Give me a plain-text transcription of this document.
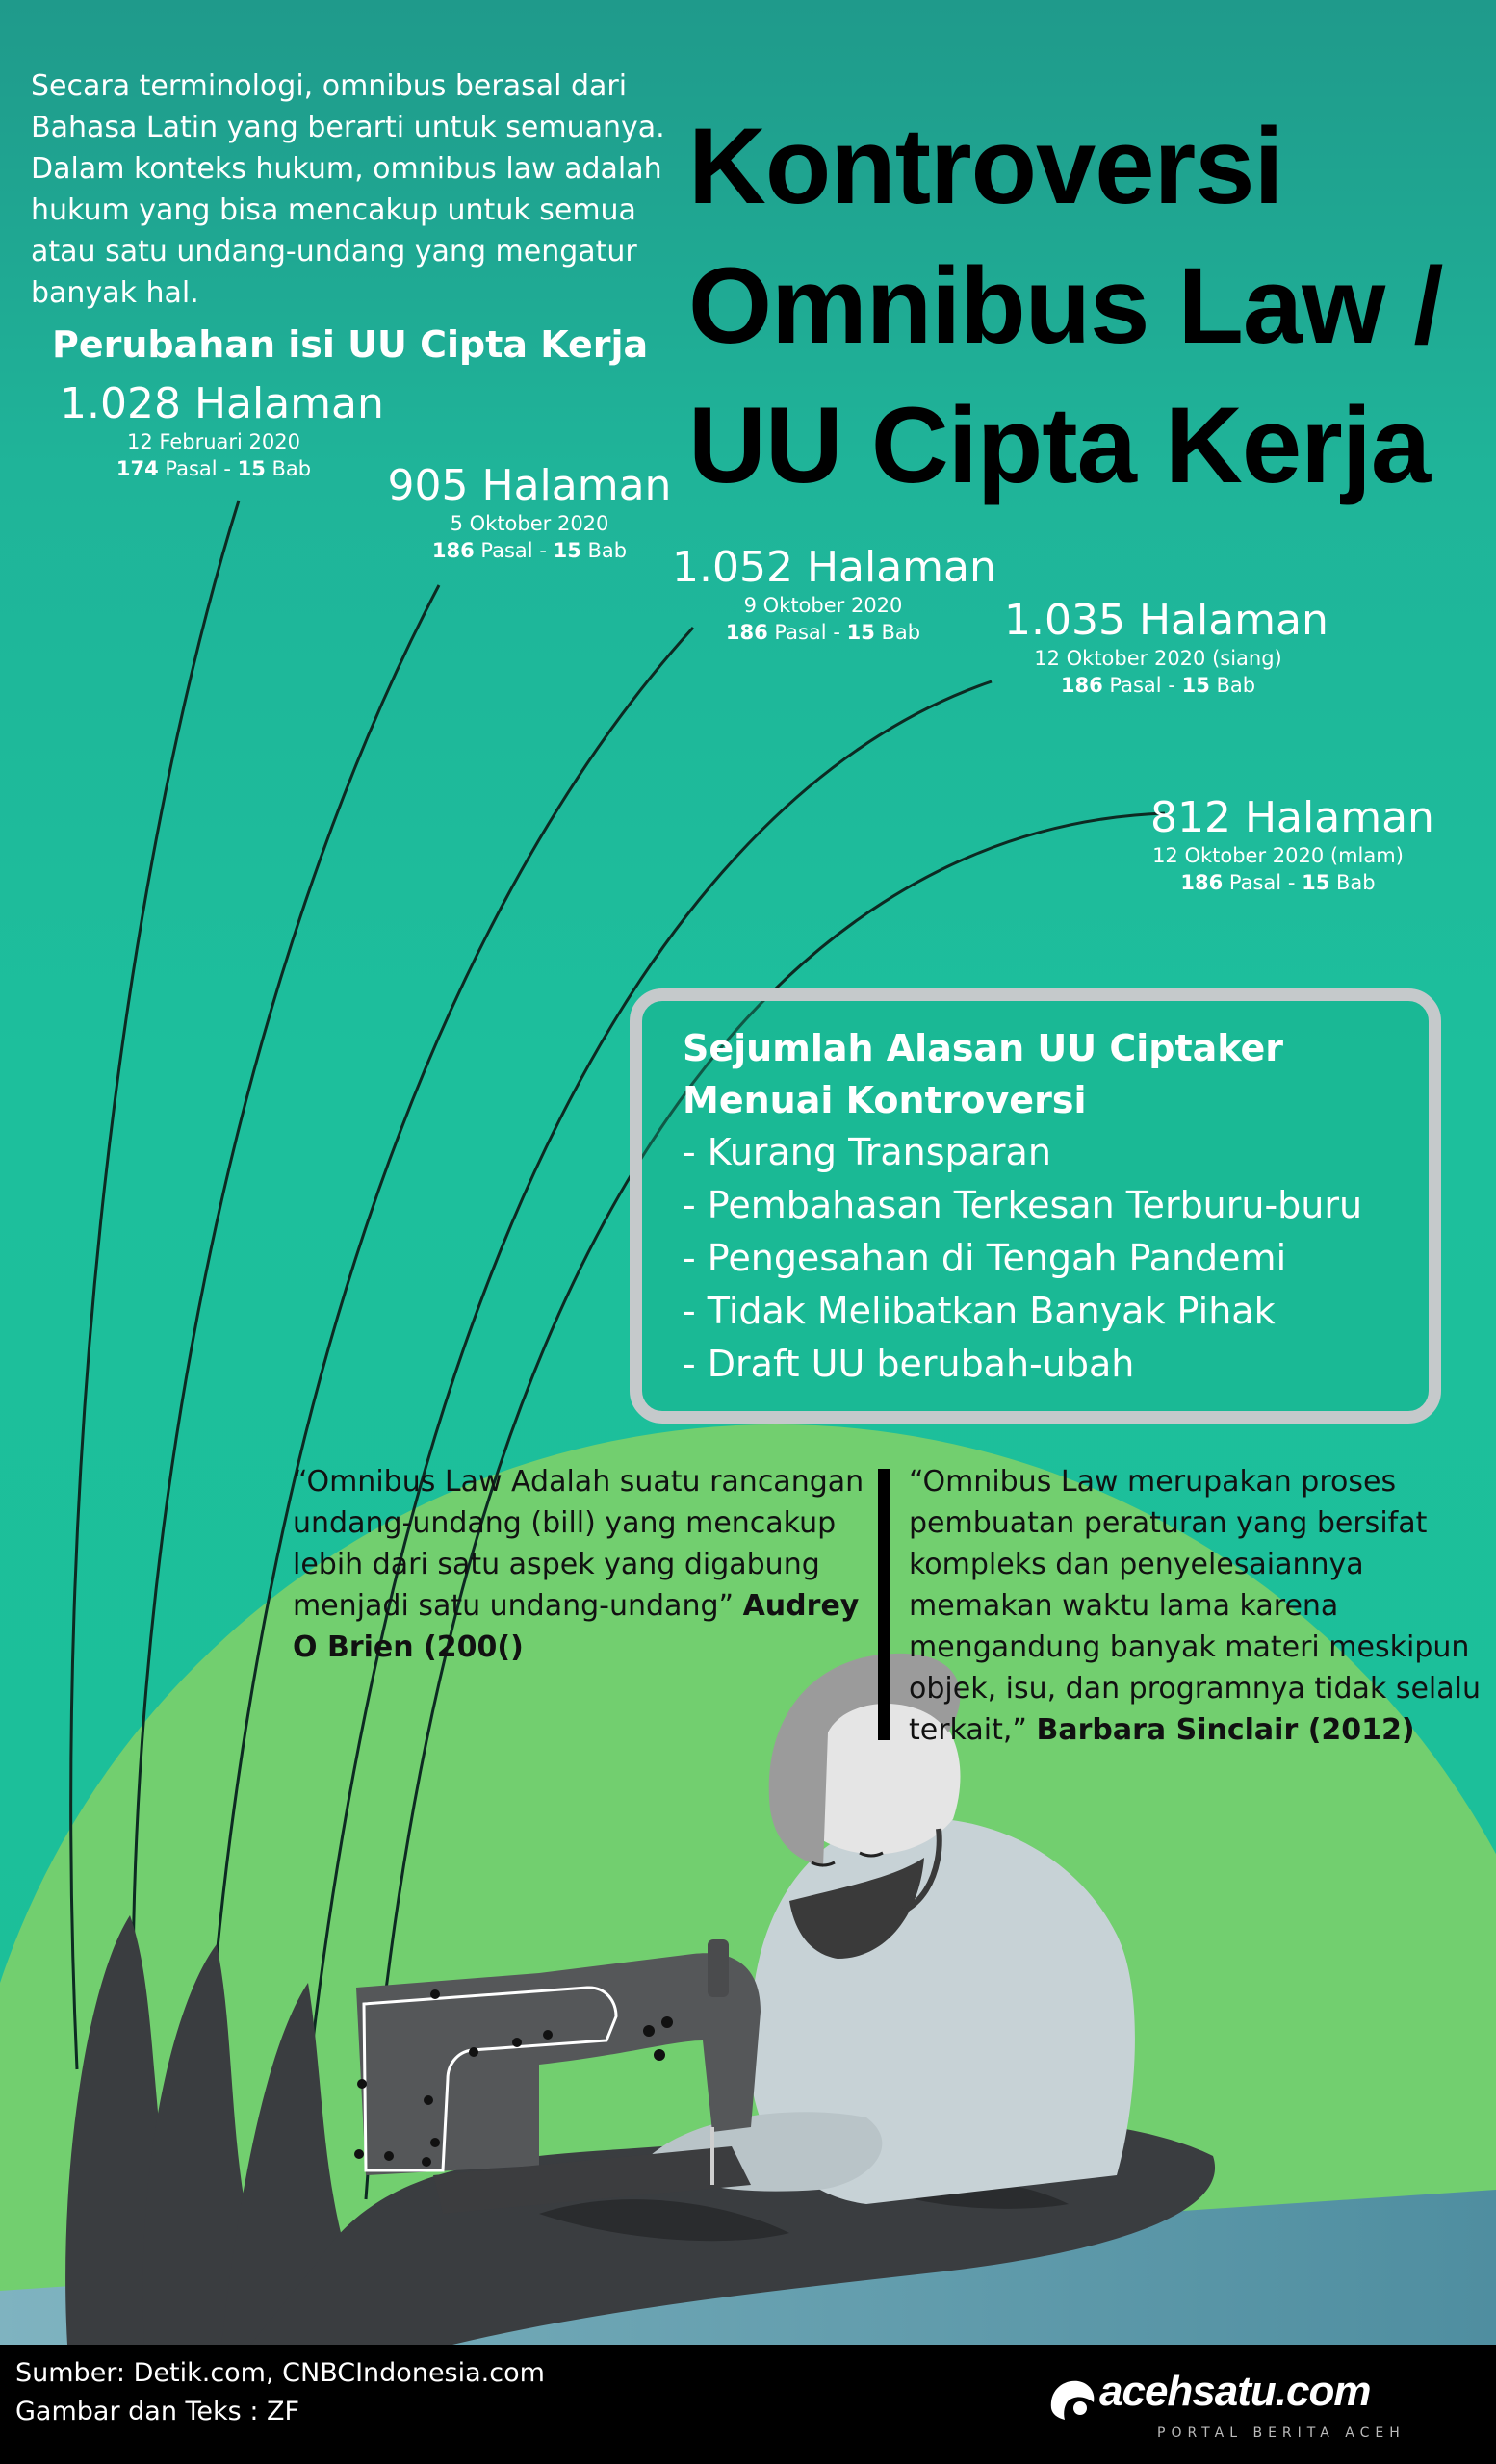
Secara terminologi, omnibus berasal dari Bahasa Latin yang berarti untuk semuanya. Dalam konteks hukum, omnibus law adalah hukum yang bisa mencakup untuk semua atau satu undang-undang yang mengatur banyak hal.
Kontroversi
Omnibus Law /
UU Cipta Kerja
Perubahan isi UU Cipta Kerja
1.028 Halaman
12 Februari 2020
174 Pasal - 15 Bab	905 Halaman
5 Oktober 2020
186 Pasal - 15 Bab	1.052 Halaman
9 Oktober 2020
186 Pasal - 15 Bab	1.035 Halaman
12 Oktober 2020 (siang)
186 Pasal - 15 Bab
812 Halaman
12 Oktober 2020 (mlam)
186 Pasal - 15 Bab
Sejumlah Alasan UU Ciptaker Menuai Kontroversi
- Kurang Transparan
- Pembahasan Terkesan Terburu-buru
- Pengesahan di Tengah Pandemi
- Tidak Melibatkan Banyak Pihak
- Draft UU berubah-ubah
“Omnibus Law Adalah suatu rancangan undang-undang (bill) yang mencakup lebih dari satu aspek yang digabung menjadi satu undang-undang” Audrey O Brien (200()
“Omnibus Law merupakan proses pembuatan peraturan yang bersifat kompleks dan penyelesaiannya memakan waktu lama karena mengandung banyak materi meskipun objek, isu, dan programnya tidak selalu terkait,” Barbara Sinclair (2012)
Sumber: Detik.com, CNBCIndonesia.com
Gambar dan Teks : ZF	acehsatu.com
PORTAL BERITA ACEH
